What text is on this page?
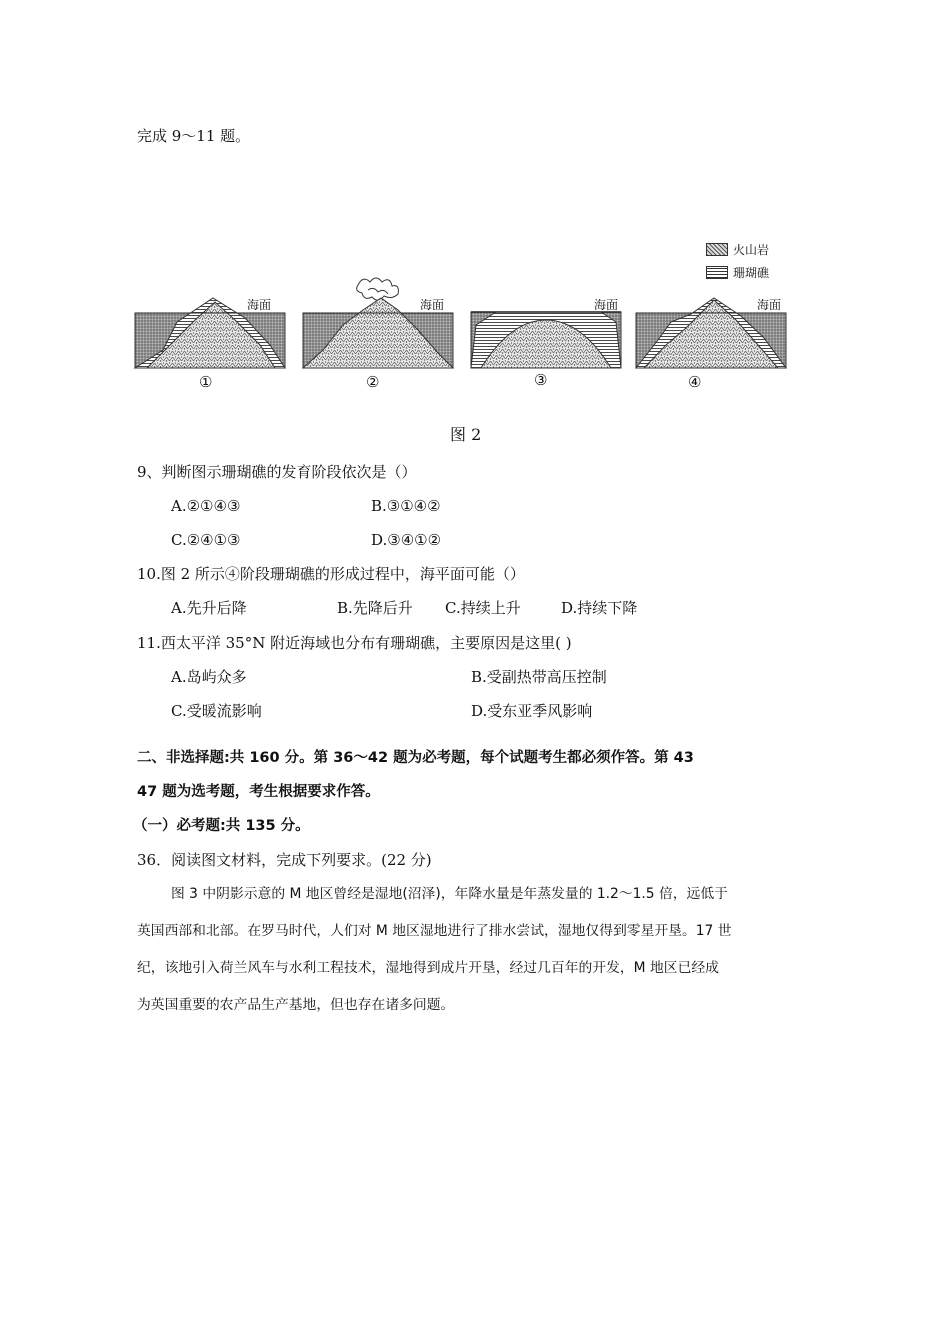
完成 9～11 题。
火山岩
珊瑚礁
海面
①
海面
②
海面
③
海面
④
图 2
9、判断图示珊瑚礁的发育阶段依次是（）
A.②①④③	B.③①④②
C.②④①③	D.③④①②
10.图 2 所示④阶段珊瑚礁的形成过程中，海平面可能（）
A.先升后降	B.先降后升 C.持续上升	D.持续下降
11.西太平洋 35°N 附近海域也分布有珊瑚礁，主要原因是这里( )
A.岛屿众多	B.受副热带高压控制
C.受暖流影响	D.受东亚季风影响
二、非选择题:共 160 分。第 36～42 题为必考题，每个试题考生都必须作答。第 43
47 题为选考题，考生根据要求作答。
（一）必考题:共 135 分。
36．阅读图文材料，完成下列要求。(22 分)
图 3 中阴影示意的 M 地区曾经是湿地(沼泽)，年降水量是年蒸发量的 1.2～1.5 倍，远低于
英国西部和北部。在罗马时代，人们对 M 地区湿地进行了排水尝试，湿地仅得到零星开垦。17 世
纪，该地引入荷兰风车与水利工程技术，湿地得到成片开垦，经过几百年的开发，M 地区已经成
为英国重要的农产品生产基地，但也存在诸多问题。
